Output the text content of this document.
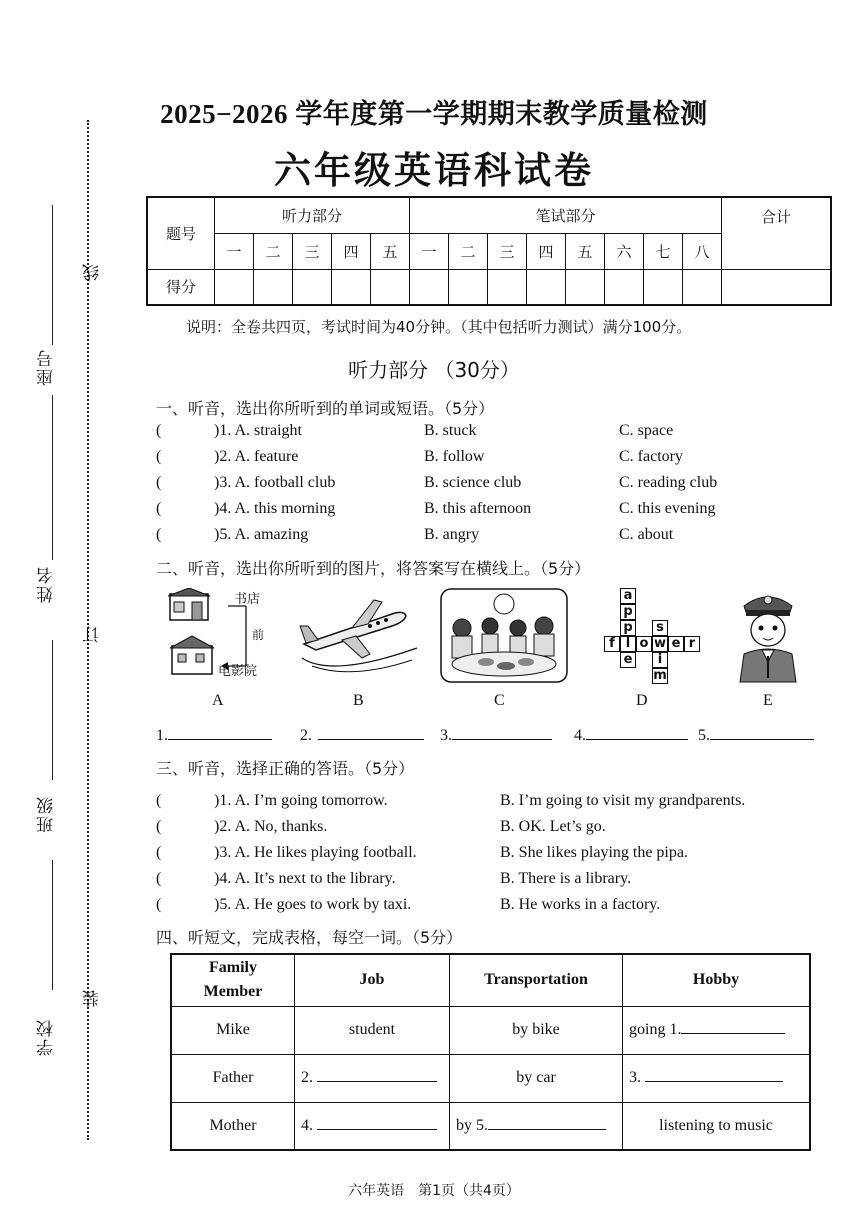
座号
线
姓名
订
班级
学校
装
2025−2026 学年度第一学期期末教学质量检测
六年级英语科试卷
题号	听力部分					笔试部分								合计
	一	二	三	四	五	一	二	三	四	五	六	七	八	
得分														
说明：全卷共四页，考试时间为40分钟。（其中包括听力测试）满分100分。
听力部分 （30分）
一、听音，选出你所听到的单词或短语。（5分）
(	)1. A. straight	B. stuck	C. space
(	)2. A. feature	B. follow	C. factory
(	)3. A. football club	B. science club	C. reading club
(	)4. A. this morning	B. this afternoon	C. this evening
(	)5. A. amazing	B. angry	C. about
二、听音，选出你所听到的图片，将答案写在横线上。（5分）
书店
前
电影院
a
p
p
f l o w e r
e
s
i
m
A	B	C	D	E
1.	2.	3.	4.	5.
三、听音，选择正确的答语。（5分）
(	)1. A. I’m going tomorrow.	B. I’m going to visit my grandparents.
(	)2. A. No, thanks.	B. OK. Let’s go.
(	)3. A. He likes playing football.	B. She likes playing the pipa.
(	)4. A. It’s next to the library.	B. There is a library.
(	)5. A. He goes to work by taxi.	B. He works in a factory.
四、听短文，完成表格，每空一词。（5分）
Family
Member	Job	Transportation	Hobby
Mike	student	by bike	going 1.
Father	2.	by car	3.
Mother	4.	by 5.	listening to music
六年英语　第1页（共4页）
